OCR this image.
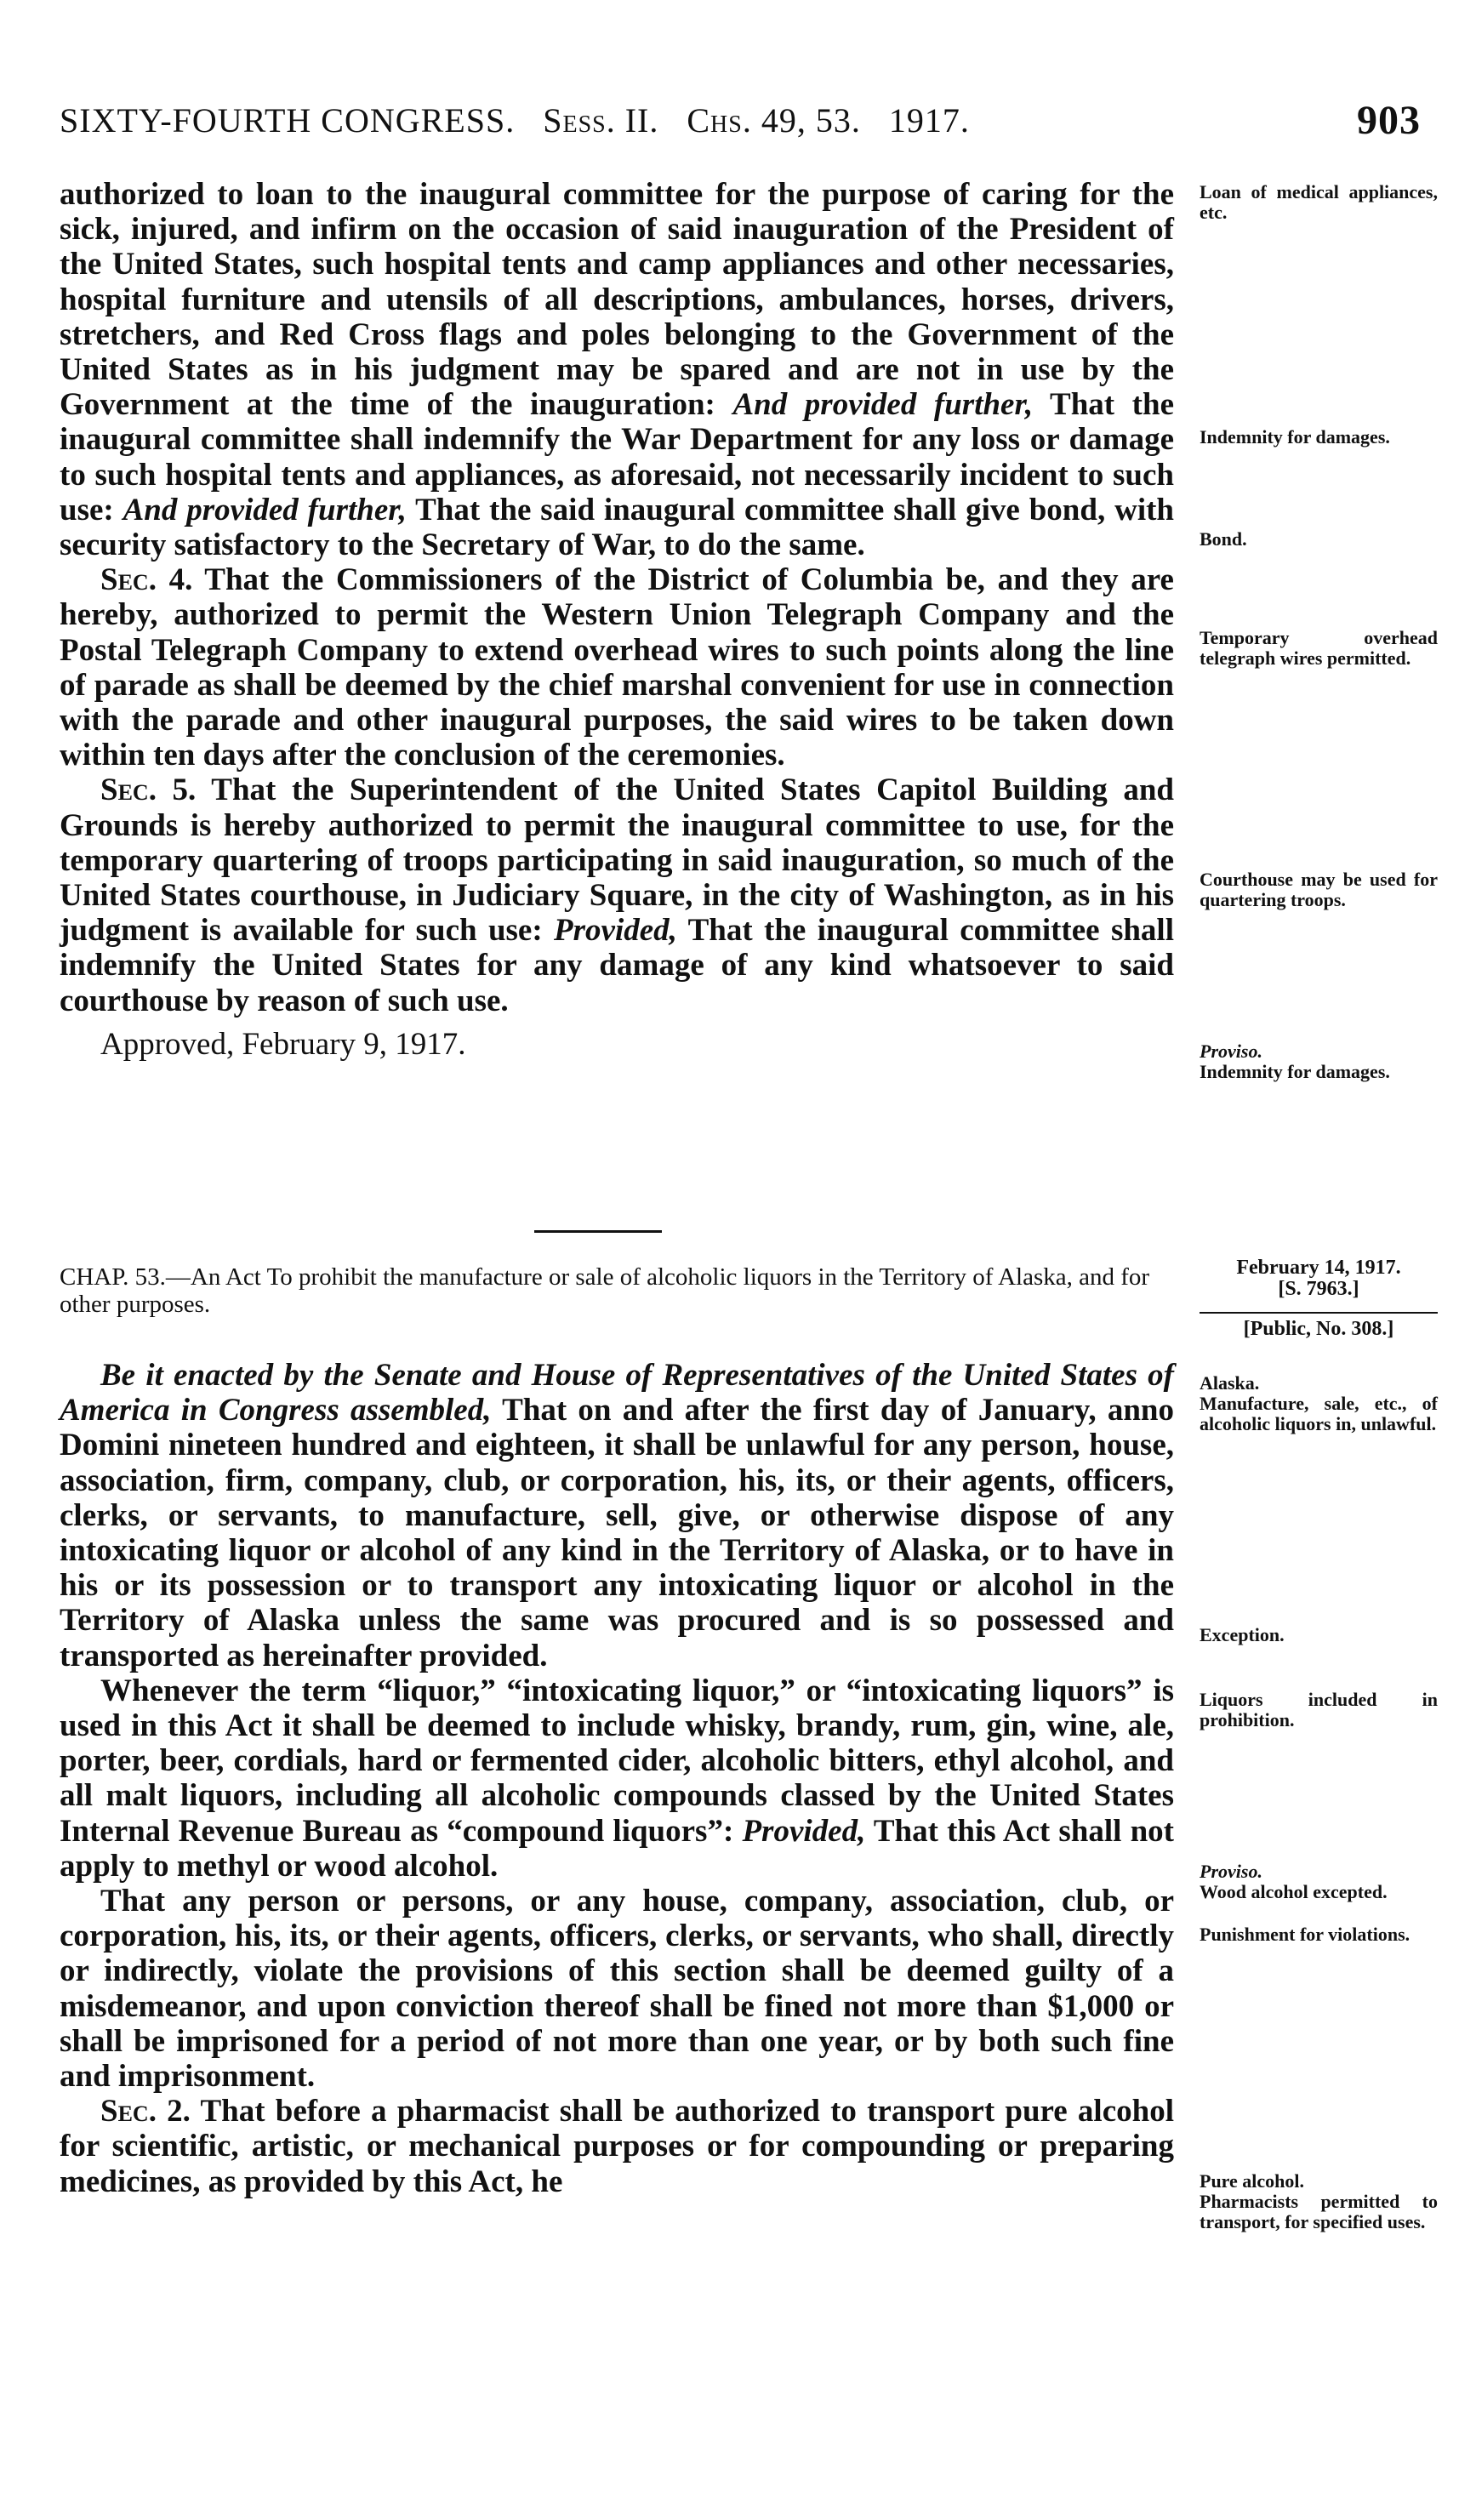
SIXTY-FOURTH CONGRESS. Sess. II. Chs. 49, 53. 1917.	903

authorized to loan to the inaugural committee for the purpose of caring for the sick, injured, and infirm on the occasion of said inauguration of the President of the United States, such hospital tents and camp appliances and other necessaries, hospital furniture and utensils of all descriptions, ambulances, horses, drivers, stretchers, and Red Cross flags and poles belonging to the Government of the United States as in his judgment may be spared and are not in use by the Government at the time of the inauguration: And provided further, That the inaugural committee shall indemnify the War Department for any loss or damage to such hospital tents and appliances, as aforesaid, not necessarily incident to such use: And provided further, That the said inaugural committee shall give bond, with security satisfactory to the Secretary of War, to do the same.

Sec. 4. That the Commissioners of the District of Columbia be, and they are hereby, authorized to permit the Western Union Telegraph Company and the Postal Telegraph Company to extend overhead wires to such points along the line of parade as shall be deemed by the chief marshal convenient for use in connection with the parade and other inaugural purposes, the said wires to be taken down within ten days after the conclusion of the ceremonies.

Sec. 5. That the Superintendent of the United States Capitol Building and Grounds is hereby authorized to permit the inaugural committee to use, for the temporary quartering of troops participating in said inauguration, so much of the United States courthouse, in Judiciary Square, in the city of Washington, as in his judgment is available for such use: Provided, That the inaugural committee shall indemnify the United States for any damage of any kind whatsoever to said courthouse by reason of such use.

Approved, February 9, 1917.

CHAP. 53.—An Act To prohibit the manufacture or sale of alcoholic liquors in the Territory of Alaska, and for other purposes.
February 14, 1917.
[S. 7963.]
[Public, No. 308.]

Be it enacted by the Senate and House of Representatives of the United States of America in Congress assembled, That on and after the first day of January, anno Domini nineteen hundred and eighteen, it shall be unlawful for any person, house, association, firm, company, club, or corporation, his, its, or their agents, officers, clerks, or servants, to manufacture, sell, give, or otherwise dispose of any intoxicating liquor or alcohol of any kind in the Territory of Alaska, or to have in his or its possession or to transport any intoxicating liquor or alcohol in the Territory of Alaska unless the same was procured and is so possessed and transported as hereinafter provided.

Whenever the term “liquor,” “intoxicating liquor,” or “intoxicating liquors” is used in this Act it shall be deemed to include whisky, brandy, rum, gin, wine, ale, porter, beer, cordials, hard or fermented cider, alcoholic bitters, ethyl alcohol, and all malt liquors, including all alcoholic compounds classed by the United States Internal Revenue Bureau as “compound liquors”: Provided, That this Act shall not apply to methyl or wood alcohol.

That any person or persons, or any house, company, association, club, or corporation, his, its, or their agents, officers, clerks, or servants, who shall, directly or indirectly, violate the provisions of this section shall be deemed guilty of a misdemeanor, and upon conviction thereof shall be fined not more than $1,000 or shall be imprisoned for a period of not more than one year, or by both such fine and imprisonment.

Sec. 2. That before a pharmacist shall be authorized to transport pure alcohol for scientific, artistic, or mechanical purposes or for compounding or preparing medicines, as provided by this Act, he

Loan of medical appliances, etc.
Indemnity for damages.
Bond.
Temporary overhead telegraph wires permitted.
Courthouse may be used for quartering troops.
Proviso.
Indemnity for damages.
Alaska.
Manufacture, sale, etc., of alcoholic liquors in, unlawful.
Exception.
Liquors included in prohibition.
Proviso.
Wood alcohol excepted.
Punishment for violations.
Pure alcohol.
Pharmacists permitted to transport, for specified uses.
